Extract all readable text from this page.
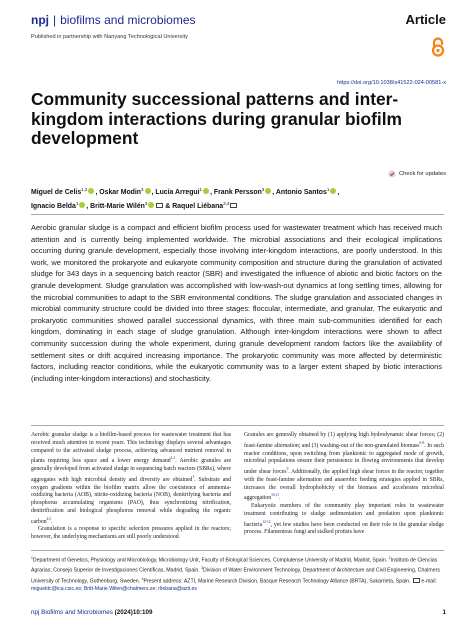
npj | biofilms and microbiomes	Article
Published in partnership with Nanyang Technological University
https://doi.org/10.1038/s41522-024-00581-x
Community successional patterns and inter-kingdom interactions during granular biofilm development
Check for updates
Miguel de Celis$^{1,2}$ , Oskar Modin$^3$ , Lucía Arregui$^1$ , Frank Persson$^3$ , Antonio Santos$^1$ ,
Ignacio Belda$^1$ , Britt-Marie Wilén$^3$ & Raquel Liébana$^{3,4}$

Aerobic granular sludge is a compact and efficient biofilm process used for wastewater treatment which has received much attention and is currently being implemented worldwide. The microbial associations and their ecological implications occurring during granule development, especially those involving inter-kingdom interactions, are poorly understood. In this work, we monitored the prokaryote and eukaryote community composition and structure during the granulation of activated sludge for 343 days in a sequencing batch reactor (SBR) and investigated the influence of abiotic and biotic factors on the granule development. Sludge granulation was accomplished with low-wash-out dynamics at long settling times, allowing for the microbial communities to adapt to the SBR environmental conditions. The sludge granulation and associated changes in microbial community structure could be divided into three stages: floccular, intermediate, and granular. The eukaryotic and prokaryotic communities showed parallel successional dynamics, with three main sub-communities identified for each kingdom, dominating in each stage of sludge granulation. Although inter-kingdom interactions were shown to affect community succession during the whole experiment, during granule development random factors like the availability of settlement sites or drift acquired increasing importance. The prokaryotic community was more affected by deterministic factors, including reactor conditions, while the eukaryotic community was to a larger extent shaped by biotic interactions (including inter-kingdom interactions) and stochasticity.

Aerobic granular sludge is a biofilm-based process for wastewater treatment that has received much attention in recent years. This technology displays several advantages compared to the activated sludge process, achieving advanced nutrient removal in plants requiring less space and a lower energy demand$^{1,2}$. Aerobic granules are generally developed from activated sludge in sequencing batch reactors (SBRs), where aggregates with high microbial density and diversity are obtained$^3$. Substrate and oxygen gradients within the biofilm matrix allow the coexistence of ammonia-oxidizing bacteria (AOB), nitrite-oxidizing bacteria (NOB), denitrifying bacteria and phosphorus accumulating organisms (PAO), thus synchronizing nitrification, denitrification and biological phosphorus removal while degrading the organic carbon$^{4,5}$.

Granulation is a response to specific selection pressures applied in the reactors; however, the underlying mechanisms are still poorly understood.

Granules are generally obtained by (1) applying high hydrodynamic shear forces; (2) feast-famine alternation; and (3) washing-out of the non-granulated biomass$^{6-8}$. In such reactor conditions, upon switching from planktonic to aggregated mode of growth, microbial populations ensure their persistence in flowing environments that develop under shear forces$^9$. Additionally, the applied high shear forces in the reactor, together with the feast-famine alternation and anaerobic feeding strategies applied in SBRs, increases the overall hydrophobicity of the biomass and accelerates microbial aggregation$^{10,11}$.

Eukaryotic members of the community play important roles in wastewater treatment contributing to sludge sedimentation and predation upon planktonic bacteria$^{12-14}$, yet few studies have been conducted on their role in the granular sludge process. Filamentous fungi and stalked protists have

$^1$Department of Genetics, Physiology and Microbiology, Microbiology Unit, Faculty of Biological Sciences, Complutense University of Madrid, Madrid, Spain. $^2$Instituto de Ciencias Agrarias; Consejo Superior de Investigaciones Científicas, Madrid, Spain. $^3$Division of Water Environment Technology, Department of Architecture and Civil Engineering, Chalmers University of Technology, Gothenburg, Sweden. $^4$Present address: AZTI, Marine Research Division, Basque Research Technology Alliance (BRTA), Sukarrieta, Spain. e-mail: migueldc@ica.csic.es; Britt-Marie.Wilen@chalmers.se; rliebana@azti.es
npj Biofilms and Microbiomes (2024)10:109	1
